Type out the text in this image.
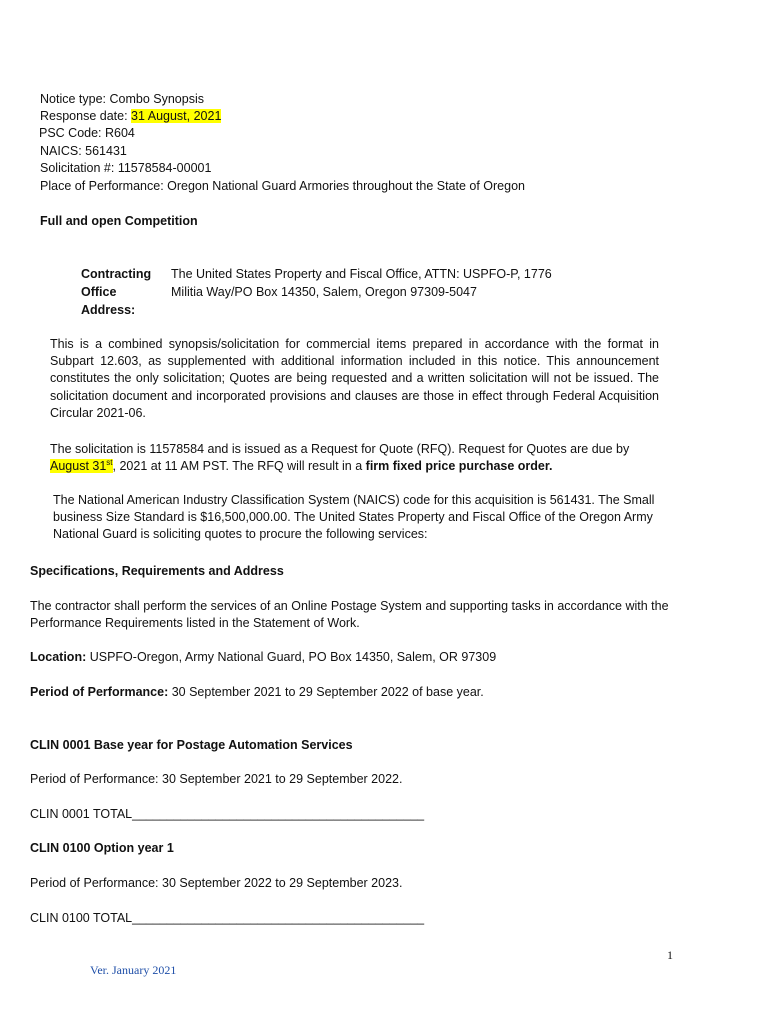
Notice type: Combo Synopsis
Response date: 31 August, 2021
PSC Code: R604
NAICS: 561431
Solicitation #: 11578584-00001
Place of Performance: Oregon National Guard Armories throughout the State of Oregon
Full and open Competition
Contracting Office Address:
The United States Property and Fiscal Office, ATTN: USPFO-P, 1776 Militia Way/PO Box 14350, Salem, Oregon 97309-5047
This is a combined synopsis/solicitation for commercial items prepared in accordance with the format in Subpart 12.603, as supplemented with additional information included in this notice. This announcement constitutes the only solicitation; Quotes are being requested and a written solicitation will not be issued. The solicitation document and incorporated provisions and clauses are those in effect through Federal Acquisition Circular 2021-06.
The solicitation is 11578584 and is issued as a Request for Quote (RFQ). Request for Quotes are due by
August 31st, 2021 at 11 AM PST. The RFQ will result in a firm fixed price purchase order.
The National American Industry Classification System (NAICS) code for this acquisition is 561431. The Small business Size Standard is $16,500,000.00. The United States Property and Fiscal Office of the Oregon Army National Guard is soliciting quotes to procure the following services:
Specifications, Requirements and Address
The contractor shall perform the services of an Online Postage System and supporting tasks in accordance with the Performance Requirements listed in the Statement of Work.
Location: USPFO-Oregon, Army National Guard, PO Box 14350, Salem, OR 97309
Period of Performance: 30 September 2021 to 29 September 2022 of base year.
CLIN 0001 Base year for Postage Automation Services
Period of Performance: 30 September 2021 to 29 September 2022.
CLIN 0001 TOTAL__________________________________________
CLIN 0100 Option year 1
Period of Performance: 30 September 2022 to 29 September 2023.
CLIN 0100 TOTAL__________________________________________
1
Ver. January 2021
